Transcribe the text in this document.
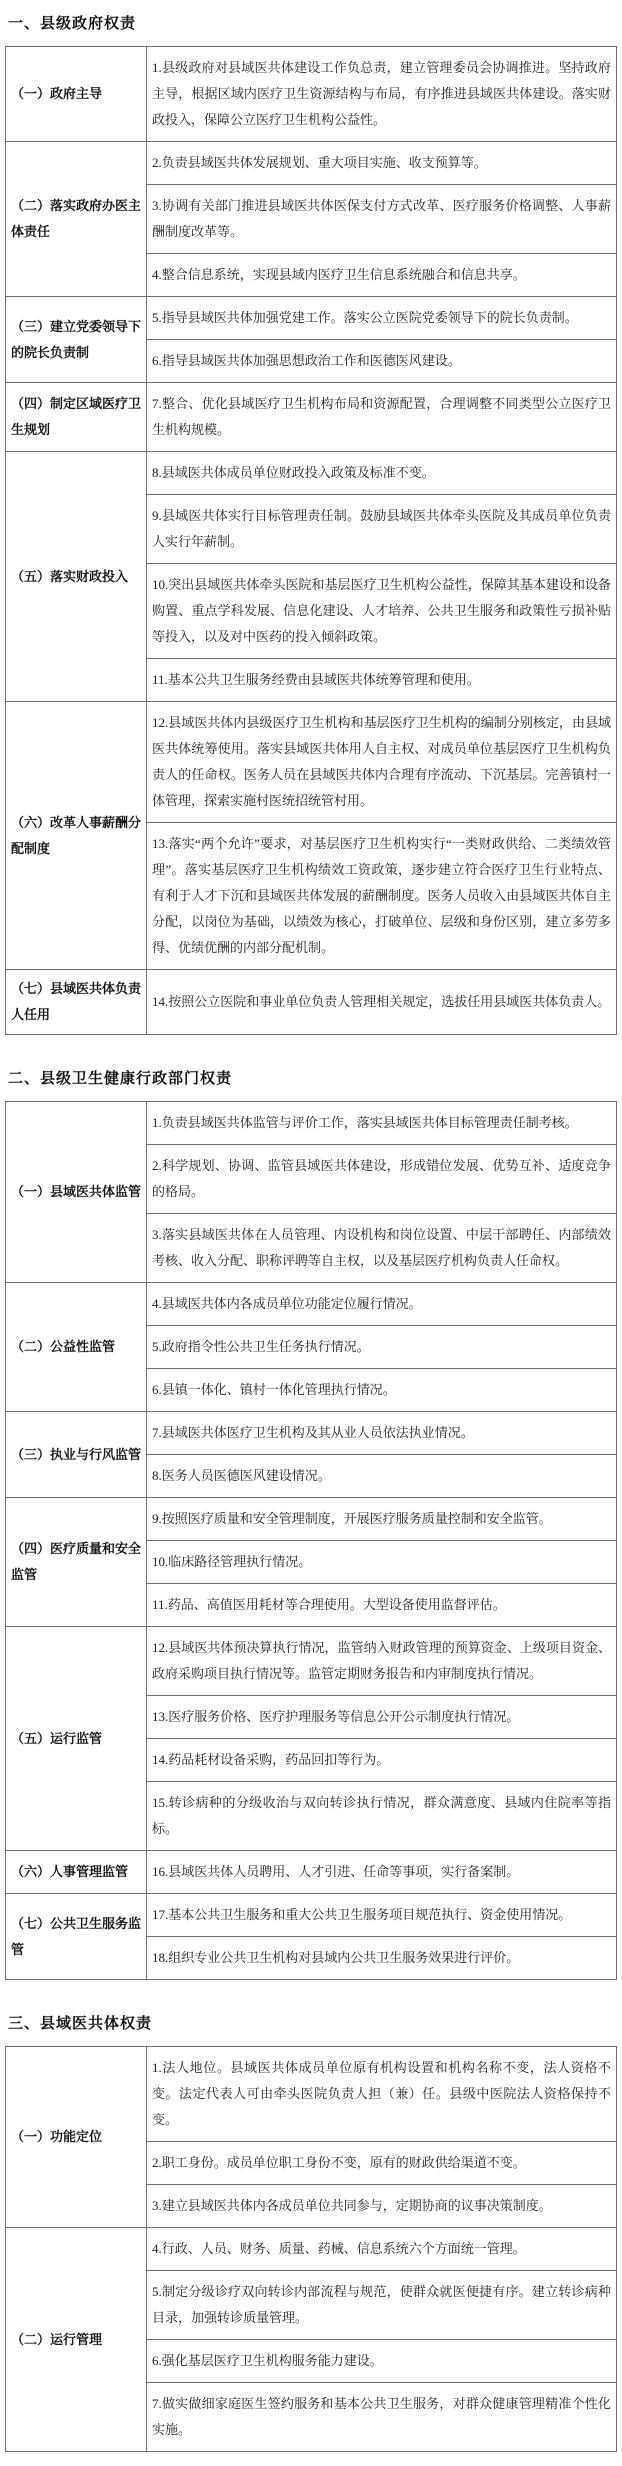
一、县级政府权责
（一）政府主导	1.县级政府对县域医共体建设工作负总责，建立管理委员会协调推进。坚持政府主导，根据区域内医疗卫生资源结构与布局，有序推进县域医共体建设。落实财政投入，保障公立医疗卫生机构公益性。
（二）落实政府办医主体责任	2.负责县域医共体发展规划、重大项目实施、收支预算等。
	3.协调有关部门推进县域医共体医保支付方式改革、医疗服务价格调整、人事薪酬制度改革等。
	4.整合信息系统，实现县域内医疗卫生信息系统融合和信息共享。
（三）建立党委领导下的院长负责制	5.指导县域医共体加强党建工作。落实公立医院党委领导下的院长负责制。
	6.指导县域医共体加强思想政治工作和医德医风建设。
（四）制定区域医疗卫生规划	7.整合、优化县域医疗卫生机构布局和资源配置，合理调整不同类型公立医疗卫生机构规模。
（五）落实财政投入	8.县域医共体成员单位财政投入政策及标准不变。
	9.县域医共体实行目标管理责任制。鼓励县域医共体牵头医院及其成员单位负责人实行年薪制。
	10.突出县域医共体牵头医院和基层医疗卫生机构公益性，保障其基本建设和设备购置、重点学科发展、信息化建设、人才培养、公共卫生服务和政策性亏损补贴等投入，以及对中医药的投入倾斜政策。
	11.基本公共卫生服务经费由县域医共体统筹管理和使用。
（六）改革人事薪酬分配制度	12.县域医共体内县级医疗卫生机构和基层医疗卫生机构的编制分别核定，由县域医共体统筹使用。落实县域医共体用人自主权、对成员单位基层医疗卫生机构负责人的任命权。医务人员在县域医共体内合理有序流动、下沉基层。完善镇村一体管理，探索实施村医统招统管村用。
	13.落实“两个允许”要求，对基层医疗卫生机构实行“一类财政供给、二类绩效管理”。落实基层医疗卫生机构绩效工资政策，逐步建立符合医疗卫生行业特点、有利于人才下沉和县域医共体发展的薪酬制度。医务人员收入由县域医共体自主分配，以岗位为基础，以绩效为核心，打破单位、层级和身份区别，建立多劳多得、优绩优酬的内部分配机制。
（七）县域医共体负责人任用	14.按照公立医院和事业单位负责人管理相关规定，选拔任用县域医共体负责人。
二、县级卫生健康行政部门权责
（一）县域医共体监管	1.负责县域医共体监管与评价工作，落实县域医共体目标管理责任制考核。
	2.科学规划、协调、监管县域医共体建设，形成错位发展、优势互补、适度竞争的格局。
	3.落实县域医共体在人员管理、内设机构和岗位设置、中层干部聘任、内部绩效考核、收入分配、职称评聘等自主权，以及基层医疗机构负责人任命权。
（二）公益性监管	4.县域医共体内各成员单位功能定位履行情况。
	5.政府指令性公共卫生任务执行情况。
	6.县镇一体化、镇村一体化管理执行情况。
（三）执业与行风监管	7.县域医共体医疗卫生机构及其从业人员依法执业情况。
	8.医务人员医德医风建设情况。
（四）医疗质量和安全监管	9.按照医疗质量和安全管理制度，开展医疗服务质量控制和安全监管。
	10.临床路径管理执行情况。
	11.药品、高值医用耗材等合理使用。大型设备使用监督评估。
（五）运行监管	12.县域医共体预决算执行情况，监管纳入财政管理的预算资金、上级项目资金、政府采购项目执行情况等。监管定期财务报告和内审制度执行情况。
	13.医疗服务价格、医疗护理服务等信息公开公示制度执行情况。
	14.药品耗材设备采购，药品回扣等行为。
	15.转诊病种的分级收治与双向转诊执行情况，群众满意度、县域内住院率等指标。
（六）人事管理监管	16.县域医共体人员聘用、人才引进、任命等事项，实行备案制。
（七）公共卫生服务监管	17.基本公共卫生服务和重大公共卫生服务项目规范执行、资金使用情况。
	18.组织专业公共卫生机构对县域内公共卫生服务效果进行评价。
三、县域医共体权责
（一）功能定位	1.法人地位。县域医共体成员单位原有机构设置和机构名称不变，法人资格不变。法定代表人可由牵头医院负责人担（兼）任。县级中医院法人资格保持不变。
	2.职工身份。成员单位职工身份不变，原有的财政供给渠道不变。
	3.建立县域医共体内各成员单位共同参与，定期协商的议事决策制度。
（二）运行管理	4.行政、人员、财务、质量、药械、信息系统六个方面统一管理。
	5.制定分级诊疗双向转诊内部流程与规范，使群众就医便捷有序。建立转诊病种目录，加强转诊质量管理。
	6.强化基层医疗卫生机构服务能力建设。
	7.做实做细家庭医生签约服务和基本公共卫生服务，对群众健康管理精准个性化实施。
